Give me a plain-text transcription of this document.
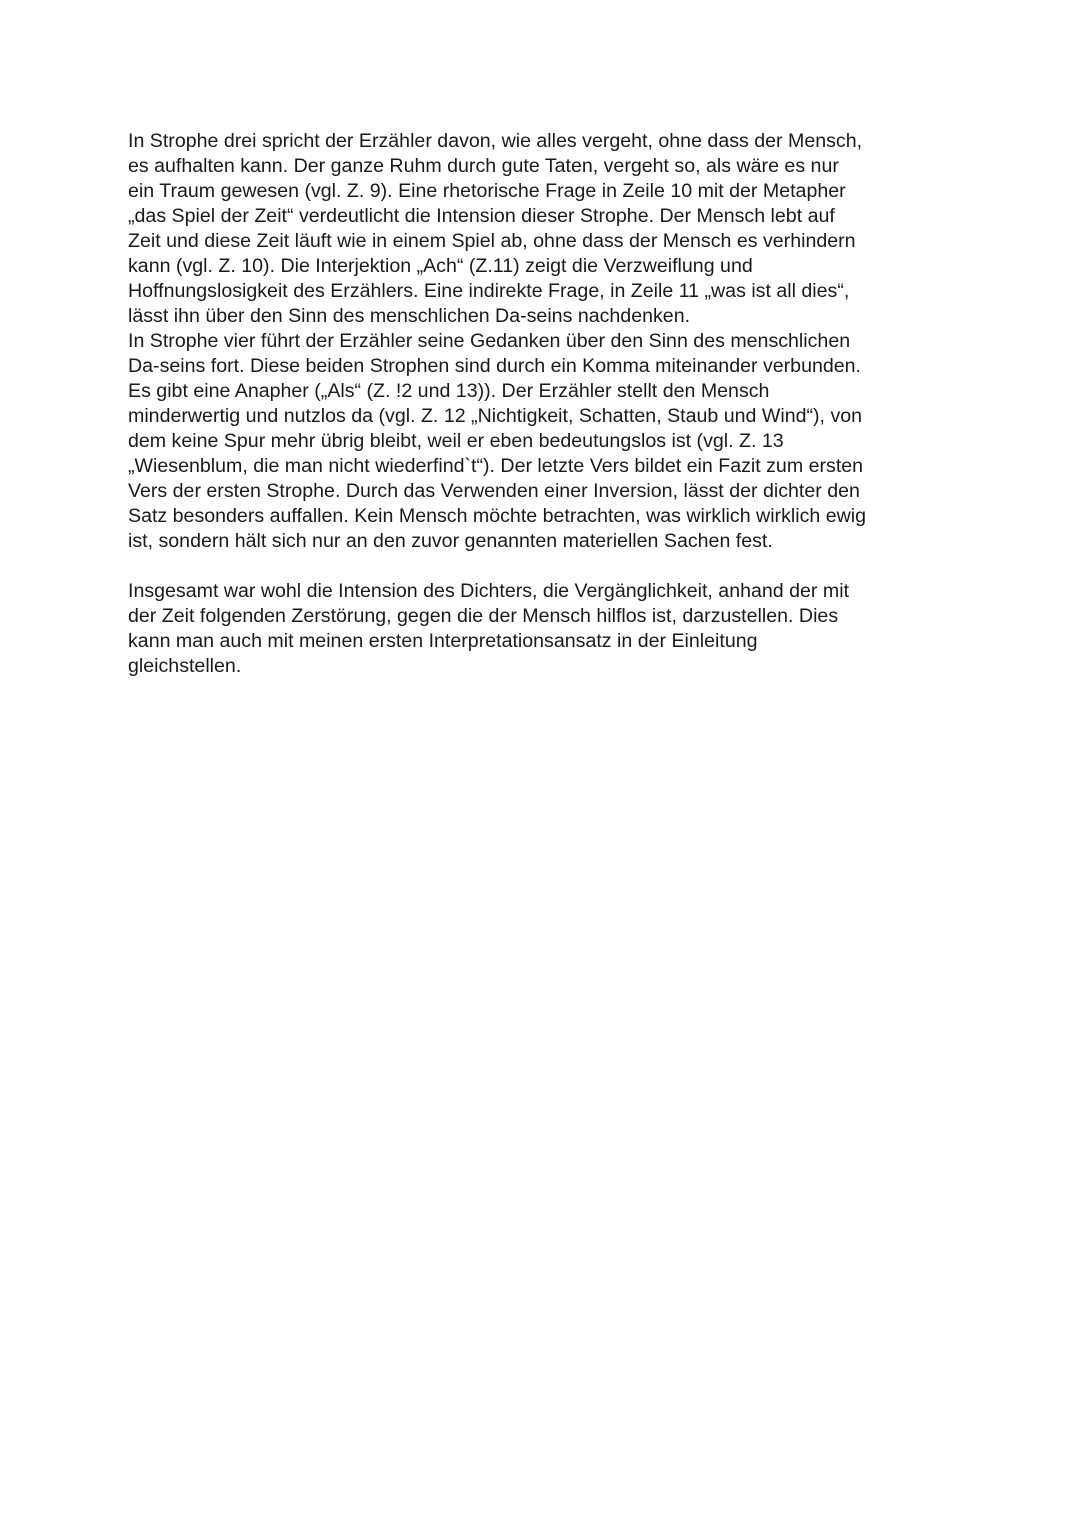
In Strophe drei spricht der Erzähler davon, wie alles vergeht, ohne dass der Mensch,
es aufhalten kann. Der ganze Ruhm durch gute Taten, vergeht so, als wäre es nur
ein Traum gewesen (vgl. Z. 9). Eine rhetorische Frage in Zeile 10 mit der Metapher
„das Spiel der Zeit“ verdeutlicht die Intension dieser Strophe. Der Mensch lebt auf
Zeit und diese Zeit läuft wie in einem Spiel ab, ohne dass der Mensch es verhindern
kann (vgl. Z. 10). Die Interjektion „Ach“ (Z.11) zeigt die Verzweiflung und
Hoffnungslosigkeit des Erzählers. Eine indirekte Frage, in Zeile 11 „was ist all dies“,
lässt ihn über den Sinn des menschlichen Da-seins nachdenken.
In Strophe vier führt der Erzähler seine Gedanken über den Sinn des menschlichen
Da-seins fort. Diese beiden Strophen sind durch ein Komma miteinander verbunden.
Es gibt eine Anapher („Als“ (Z. !2 und 13)). Der Erzähler stellt den Mensch
minderwertig und nutzlos da (vgl. Z. 12 „Nichtigkeit, Schatten, Staub und Wind“), von
dem keine Spur mehr übrig bleibt, weil er eben bedeutungslos ist (vgl. Z. 13
„Wiesenblum, die man nicht wiederfind`t“). Der letzte Vers bildet ein Fazit zum ersten
Vers der ersten Strophe. Durch das Verwenden einer Inversion, lässt der dichter den
Satz besonders auffallen. Kein Mensch möchte betrachten, was wirklich wirklich ewig
ist, sondern hält sich nur an den zuvor genannten materiellen Sachen fest.
Insgesamt war wohl die Intension des Dichters, die Vergänglichkeit, anhand der mit
der Zeit folgenden Zerstörung, gegen die der Mensch hilflos ist, darzustellen. Dies
kann man auch mit meinen ersten Interpretationsansatz in der Einleitung
gleichstellen.
